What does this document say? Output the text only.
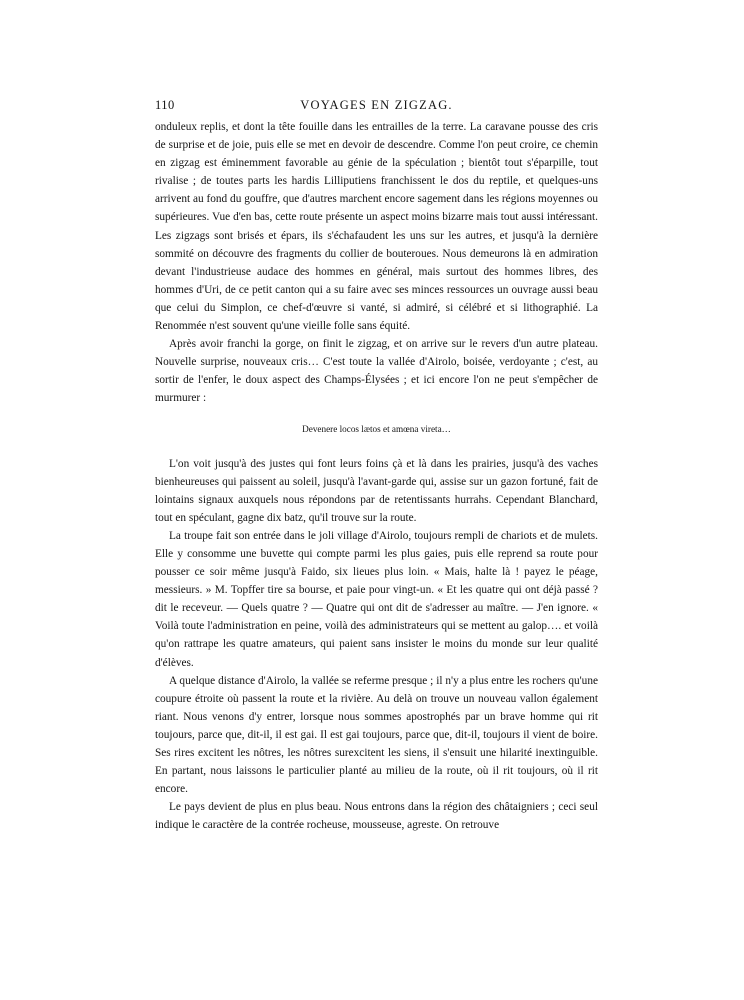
110	VOYAGES EN ZIGZAG.

onduleux replis, et dont la tête fouille dans les entrailles de la terre. La caravane pousse des cris de surprise et de joie, puis elle se met en devoir de descendre. Comme l'on peut croire, ce chemin en zigzag est éminemment favorable au génie de la spéculation ; bientôt tout s'éparpille, tout rivalise ; de toutes parts les hardis Lilliputiens franchissent le dos du reptile, et quelques-uns arrivent au fond du gouffre, que d'autres marchent encore sagement dans les régions moyennes ou supérieures. Vue d'en bas, cette route présente un aspect moins bizarre mais tout aussi intéressant. Les zigzags sont brisés et épars, ils s'échafaudent les uns sur les autres, et jusqu'à la dernière sommité on découvre des fragments du collier de bouteroues. Nous demeurons là en admiration devant l'industrieuse audace des hommes en général, mais surtout des hommes libres, des hommes d'Uri, de ce petit canton qui a su faire avec ses minces ressources un ouvrage aussi beau que celui du Simplon, ce chef-d'œuvre si vanté, si admiré, si célébré et si lithographié. La Renommée n'est souvent qu'une vieille folle sans équité.

Après avoir franchi la gorge, on finit le zigzag, et on arrive sur le revers d'un autre plateau. Nouvelle surprise, nouveaux cris… C'est toute la vallée d'Airolo, boisée, verdoyante ; c'est, au sortir de l'enfer, le doux aspect des Champs-Élysées ; et ici encore l'on ne peut s'empêcher de murmurer :

Devenere locos lætos et amœna vireta…

L'on voit jusqu'à des justes qui font leurs foins çà et là dans les prairies, jusqu'à des vaches bienheureuses qui paissent au soleil, jusqu'à l'avant-garde qui, assise sur un gazon fortuné, fait de lointains signaux auxquels nous répondons par de retentissants hurrahs. Cependant Blanchard, tout en spéculant, gagne dix batz, qu'il trouve sur la route.

La troupe fait son entrée dans le joli village d'Airolo, toujours rempli de chariots et de mulets. Elle y consomme une buvette qui compte parmi les plus gaies, puis elle reprend sa route pour pousser ce soir même jusqu'à Faido, six lieues plus loin. « Mais, halte là ! payez le péage, messieurs. » M. Topffer tire sa bourse, et paie pour vingt-un. « Et les quatre qui ont déjà passé ? dit le receveur. — Quels quatre ? — Quatre qui ont dit de s'adresser au maître. — J'en ignore. « Voilà toute l'administration en peine, voilà des administrateurs qui se mettent au galop…. et voilà qu'on rattrape les quatre amateurs, qui paient sans insister le moins du monde sur leur qualité d'élèves.

A quelque distance d'Airolo, la vallée se referme presque ; il n'y a plus entre les rochers qu'une coupure étroite où passent la route et la rivière. Au delà on trouve un nouveau vallon également riant. Nous venons d'y entrer, lorsque nous sommes apostrophés par un brave homme qui rit toujours, parce que, dit-il, il est gai. Il est gai toujours, parce que, dit-il, toujours il vient de boire. Ses rires excitent les nôtres, les nôtres surexcitent les siens, il s'ensuit une hilarité inextinguible. En partant, nous laissons le particulier planté au milieu de la route, où il rit toujours, où il rit encore.

Le pays devient de plus en plus beau. Nous entrons dans la région des châtaigniers ; ceci seul indique le caractère de la contrée rocheuse, mousseuse, agreste. On retrouve
